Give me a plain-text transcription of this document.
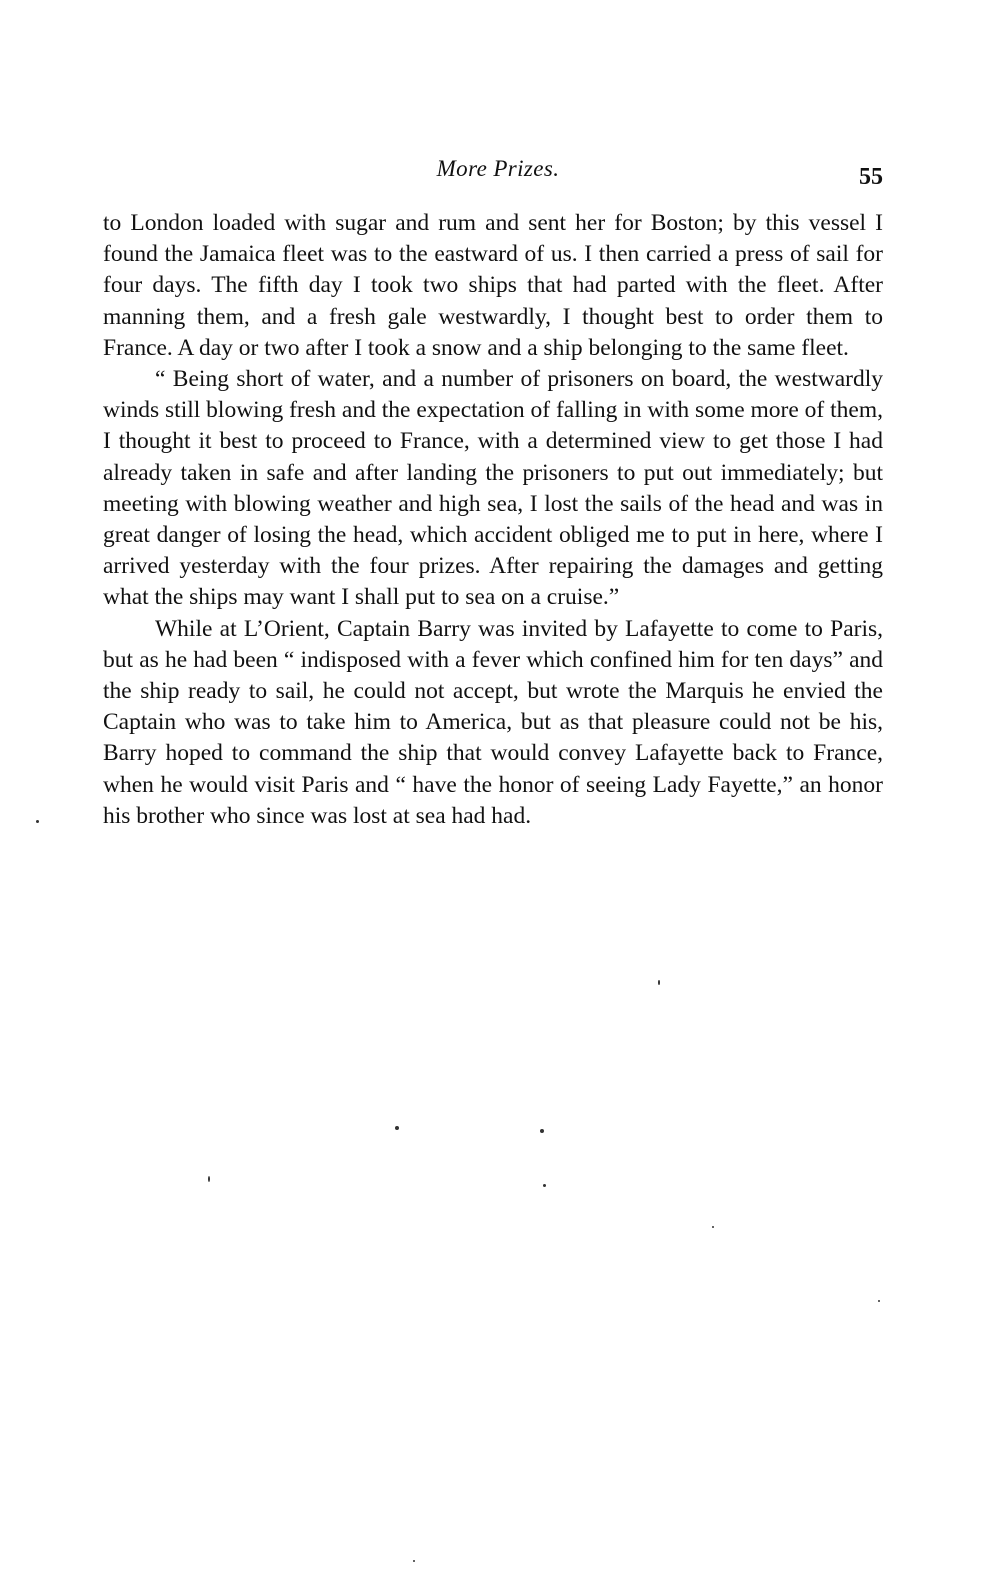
More Prizes.	55

to London loaded with sugar and rum and sent her for Boston; by this vessel I found the Jamaica fleet was to the eastward of us. I then carried a press of sail for four days. The fifth day I took two ships that had parted with the fleet. After manning them, and a fresh gale westwardly, I thought best to order them to France. A day or two after I took a snow and a ship belonging to the same fleet.

“ Being short of water, and a number of prisoners on board, the westwardly winds still blowing fresh and the expectation of falling in with some more of them, I thought it best to proceed to France, with a determined view to get those I had already taken in safe and after landing the prisoners to put out immediately; but meeting with blowing weather and high sea, I lost the sails of the head and was in great danger of losing the head, which accident obliged me to put in here, where I arrived yesterday with the four prizes. After repairing the damages and getting what the ships may want I shall put to sea on a cruise.”

While at L’Orient, Captain Barry was invited by Lafayette to come to Paris, but as he had been “ indisposed with a fever which confined him for ten days” and the ship ready to sail, he could not accept, but wrote the Marquis he envied the Captain who was to take him to America, but as that pleasure could not be his, Barry hoped to command the ship that would convey Lafayette back to France, when he would visit Paris and “ have the honor of seeing Lady Fayette,” an honor his brother who since was lost at sea had had.
